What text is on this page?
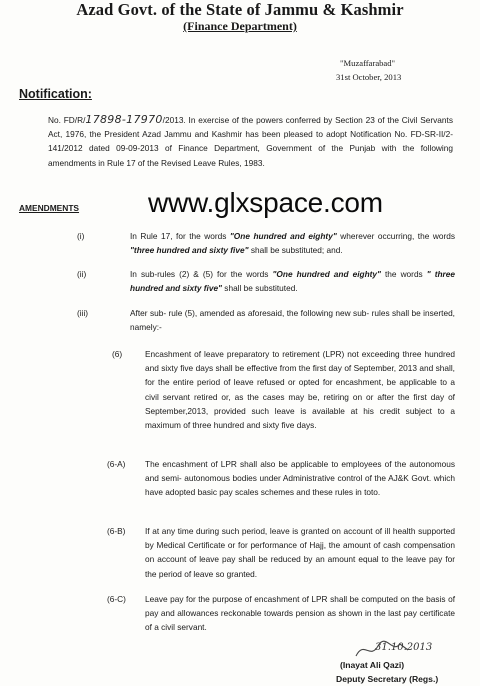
Azad Govt. of the State of Jammu & Kashmir
(Finance Department)
"Muzaffarabad"
31st October, 2013
Notification:
No. FD/R/17898-17970/2013. In exercise of the powers conferred by Section 23 of the Civil Servants Act, 1976, the President Azad Jammu and Kashmir has been pleased to adopt Notification No. FD-SR-II/2-141/2012 dated 09-09-2013 of Finance Department, Government of the Punjab with the following amendments in Rule 17 of the Revised Leave Rules, 1983.
AMENDMENTS www.glxspace.com
(i)	In Rule 17, for the words "One hundred and eighty" wherever occurring, the words "three hundred and sixty five" shall be substituted; and.
(ii)	In sub-rules (2) & (5) for the words "One hundred and eighty" the words " three hundred and sixty five" shall be substituted.
(iii)	After sub- rule (5), amended as aforesaid, the following new sub- rules shall be inserted, namely:-
(6)	Encashment of leave preparatory to retirement (LPR) not exceeding three hundred and sixty five days shall be effective from the first day of September, 2013 and shall, for the entire period of leave refused or opted for encashment, be applicable to a civil servant retired or, as the cases may be, retiring on or after the first day of September,2013, provided such leave is available at his credit subject to a maximum of three hundred and sixty five days.
(6-A) The encashment of LPR shall also be applicable to employees of the autonomous and semi- autonomous bodies under Administrative control of the AJ&K Govt. which have adopted basic pay scales schemes and these rules in toto.
(6-B) If at any time during such period, leave is granted on account of ill health supported by Medical Certificate or for performance of Hajj, the amount of cash compensation on account of leave pay shall be reduced by an amount equal to the leave pay for the period of leave so granted.
(6-C) Leave pay for the purpose of encashment of LPR shall be computed on the basis of pay and allowances reckonable towards pension as shown in the last pay certificate of a civil servant.
31.10.2013
(Inayat Ali Qazi)
Deputy Secretary (Regs.)
